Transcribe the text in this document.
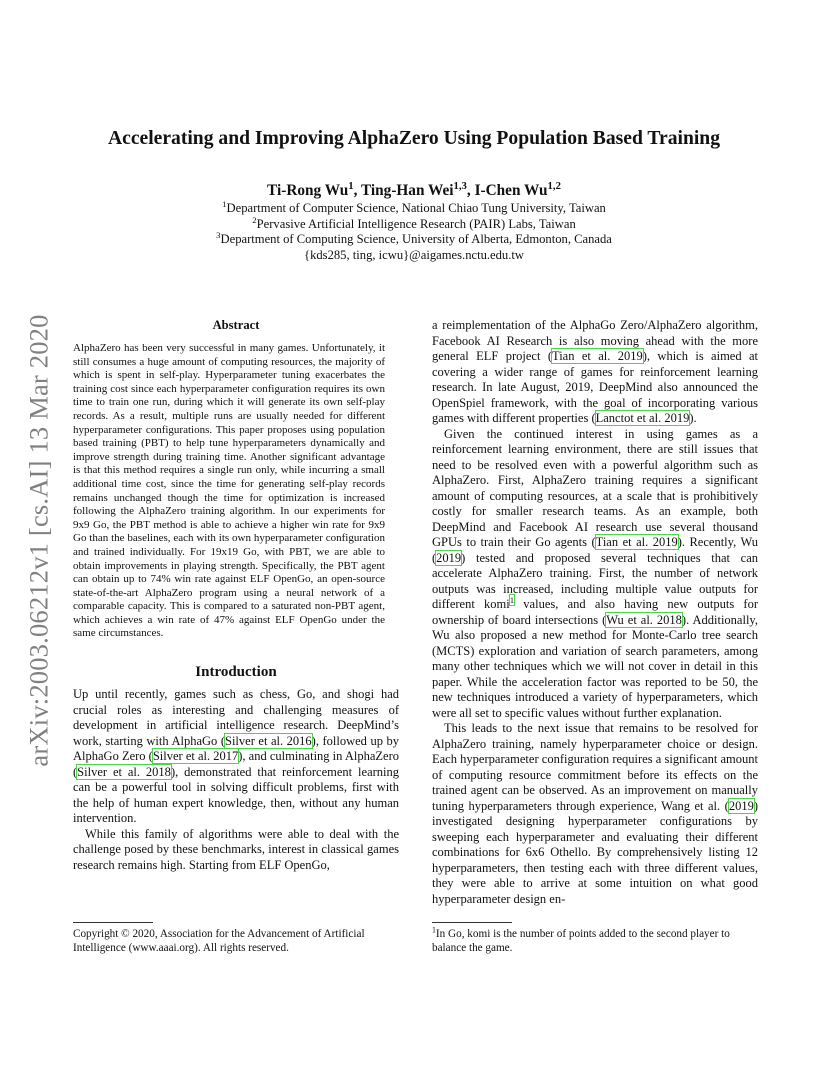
arXiv:2003.06212v1 [cs.AI] 13 Mar 2020
Accelerating and Improving AlphaZero Using Population Based Training
Ti-Rong Wu$^1$, Ting-Han Wei$^{1,3}$, I-Chen Wu$^{1,2}$
$^1$Department of Computer Science, National Chiao Tung University, Taiwan
$^2$Pervasive Artificial Intelligence Research (PAIR) Labs, Taiwan
$^3$Department of Computing Science, University of Alberta, Edmonton, Canada
{kds285, ting, icwu}@aigames.nctu.edu.tw
Abstract

AlphaZero has been very successful in many games. Unfortunately, it still consumes a huge amount of computing resources, the majority of which is spent in self-play. Hyperparameter tuning exacerbates the training cost since each hyperparameter configuration requires its own time to train one run, during which it will generate its own self-play records. As a result, multiple runs are usually needed for different hyperparameter configurations. This paper proposes using population based training (PBT) to help tune hyperparameters dynamically and improve strength during training time. Another significant advantage is that this method requires a single run only, while incurring a small additional time cost, since the time for generating self-play records remains unchanged though the time for optimization is increased following the AlphaZero training algorithm. In our experiments for 9x9 Go, the PBT method is able to achieve a higher win rate for 9x9 Go than the baselines, each with its own hyperparameter configuration and trained individually. For 19x19 Go, with PBT, we are able to obtain improvements in playing strength. Specifically, the PBT agent can obtain up to 74% win rate against ELF OpenGo, an open-source state-of-the-art AlphaZero program using a neural network of a comparable capacity. This is compared to a saturated non-PBT agent, which achieves a win rate of 47% against ELF OpenGo under the same circumstances.

Introduction

Up until recently, games such as chess, Go, and shogi had crucial roles as interesting and challenging measures of development in artificial intelligence research. DeepMind’s work, starting with AlphaGo (Silver et al. 2016), followed up by AlphaGo Zero (Silver et al. 2017), and culminating in AlphaZero (Silver et al. 2018), demonstrated that reinforcement learning can be a powerful tool in solving difficult problems, first with the help of human expert knowledge, then, without any human intervention.

While this family of algorithms were able to deal with the challenge posed by these benchmarks, interest in classical games research remains high. Starting from ELF OpenGo,

a reimplementation of the AlphaGo Zero/AlphaZero algorithm, Facebook AI Research is also moving ahead with the more general ELF project (Tian et al. 2019), which is aimed at covering a wider range of games for reinforcement learning research. In late August, 2019, DeepMind also announced the OpenSpiel framework, with the goal of incorporating various games with different properties (Lanctot et al. 2019).

Given the continued interest in using games as a reinforcement learning environment, there are still issues that need to be resolved even with a powerful algorithm such as AlphaZero. First, AlphaZero training requires a significant amount of computing resources, at a scale that is prohibitively costly for smaller research teams. As an example, both DeepMind and Facebook AI research use several thousand GPUs to train their Go agents (Tian et al. 2019). Recently, Wu (2019) tested and proposed several techniques that can accelerate AlphaZero training. First, the number of network outputs was increased, including multiple value outputs for different komi$^1$ values, and also having new outputs for ownership of board intersections (Wu et al. 2018). Additionally, Wu also proposed a new method for Monte-Carlo tree search (MCTS) exploration and variation of search parameters, among many other techniques which we will not cover in detail in this paper. While the acceleration factor was reported to be 50, the new techniques introduced a variety of hyperparameters, which were all set to specific values without further explanation.

This leads to the next issue that remains to be resolved for AlphaZero training, namely hyperparameter choice or design. Each hyperparameter configuration requires a significant amount of computing resource commitment before its effects on the trained agent can be observed. As an improvement on manually tuning hyperparameters through experience, Wang et al. (2019) investigated designing hyperparameter configurations by sweeping each hyperparameter and evaluating their different combinations for 6x6 Othello. By comprehensively listing 12 hyperparameters, then testing each with three different values, they were able to arrive at some intuition on what good hyperparameter design en-

Copyright © 2020, Association for the Advancement of Artificial Intelligence (www.aaai.org). All rights reserved.
$^1$In Go, komi is the number of points added to the second player to balance the game.
